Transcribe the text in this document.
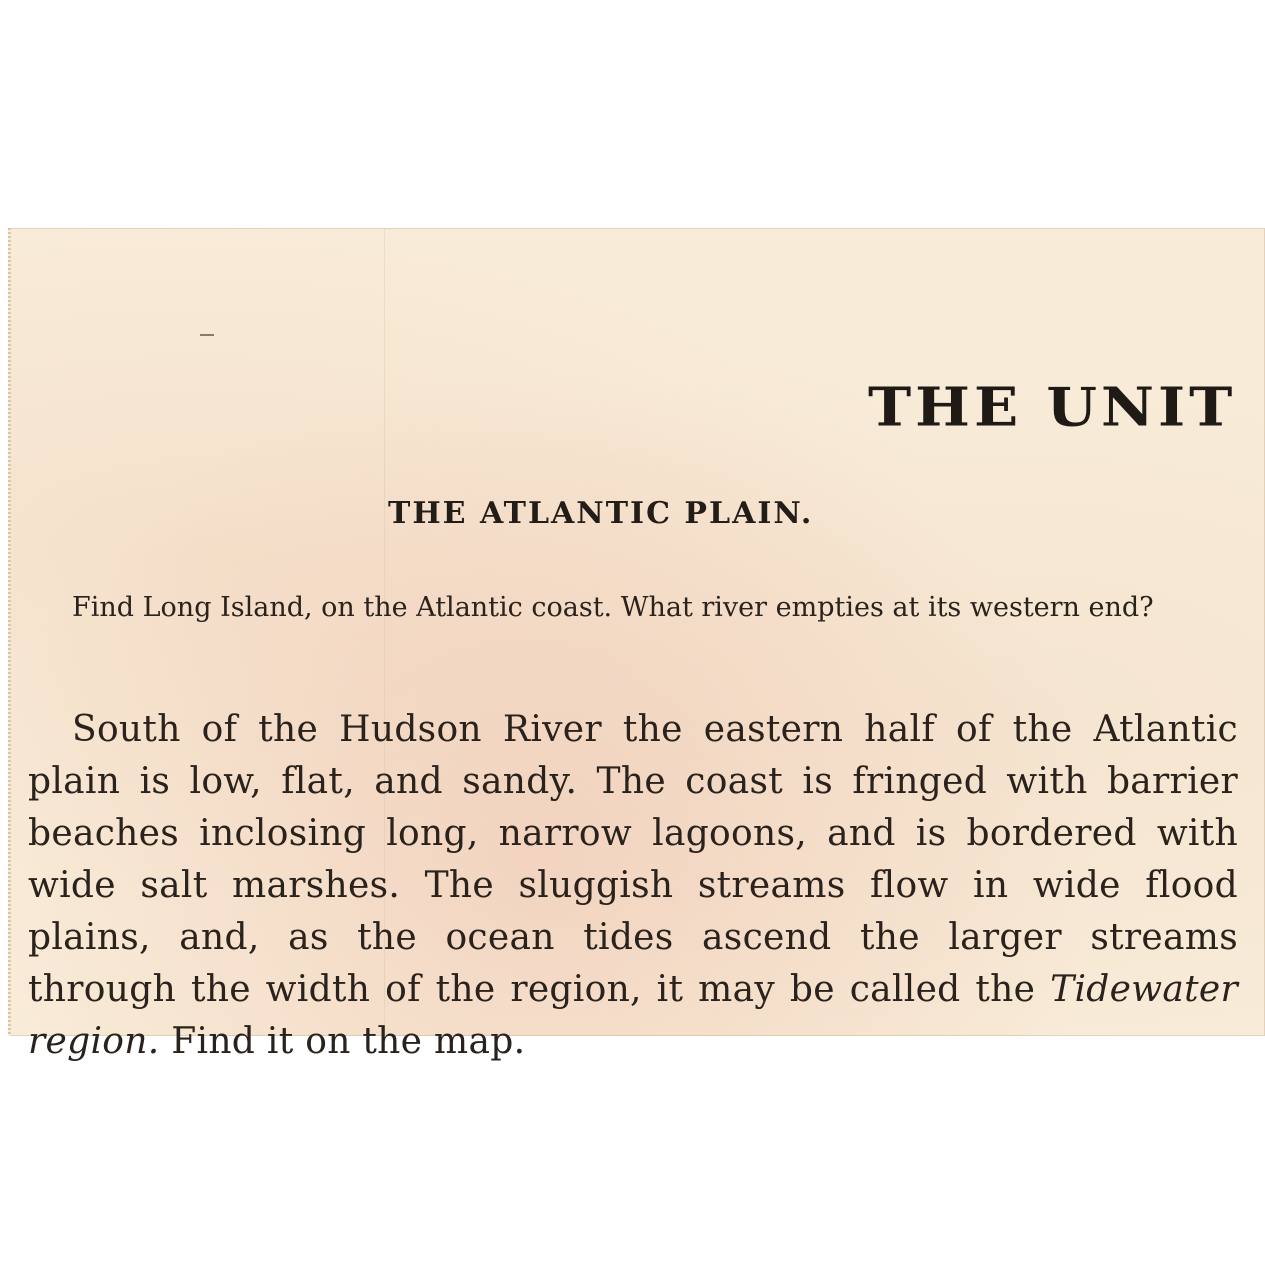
THE UNIT
THE ATLANTIC PLAIN.

Find Long Island, on the Atlantic coast. What river empties at its western end?

South of the Hudson River the eastern half of the Atlantic plain is low, flat, and sandy. The coast is fringed with barrier beaches inclosing long, narrow lagoons, and is bordered with wide salt marshes. The sluggish streams flow in wide flood plains, and, as the ocean tides ascend the larger streams through the width of the region, it may be called the Tidewater region. Find it on the map.
